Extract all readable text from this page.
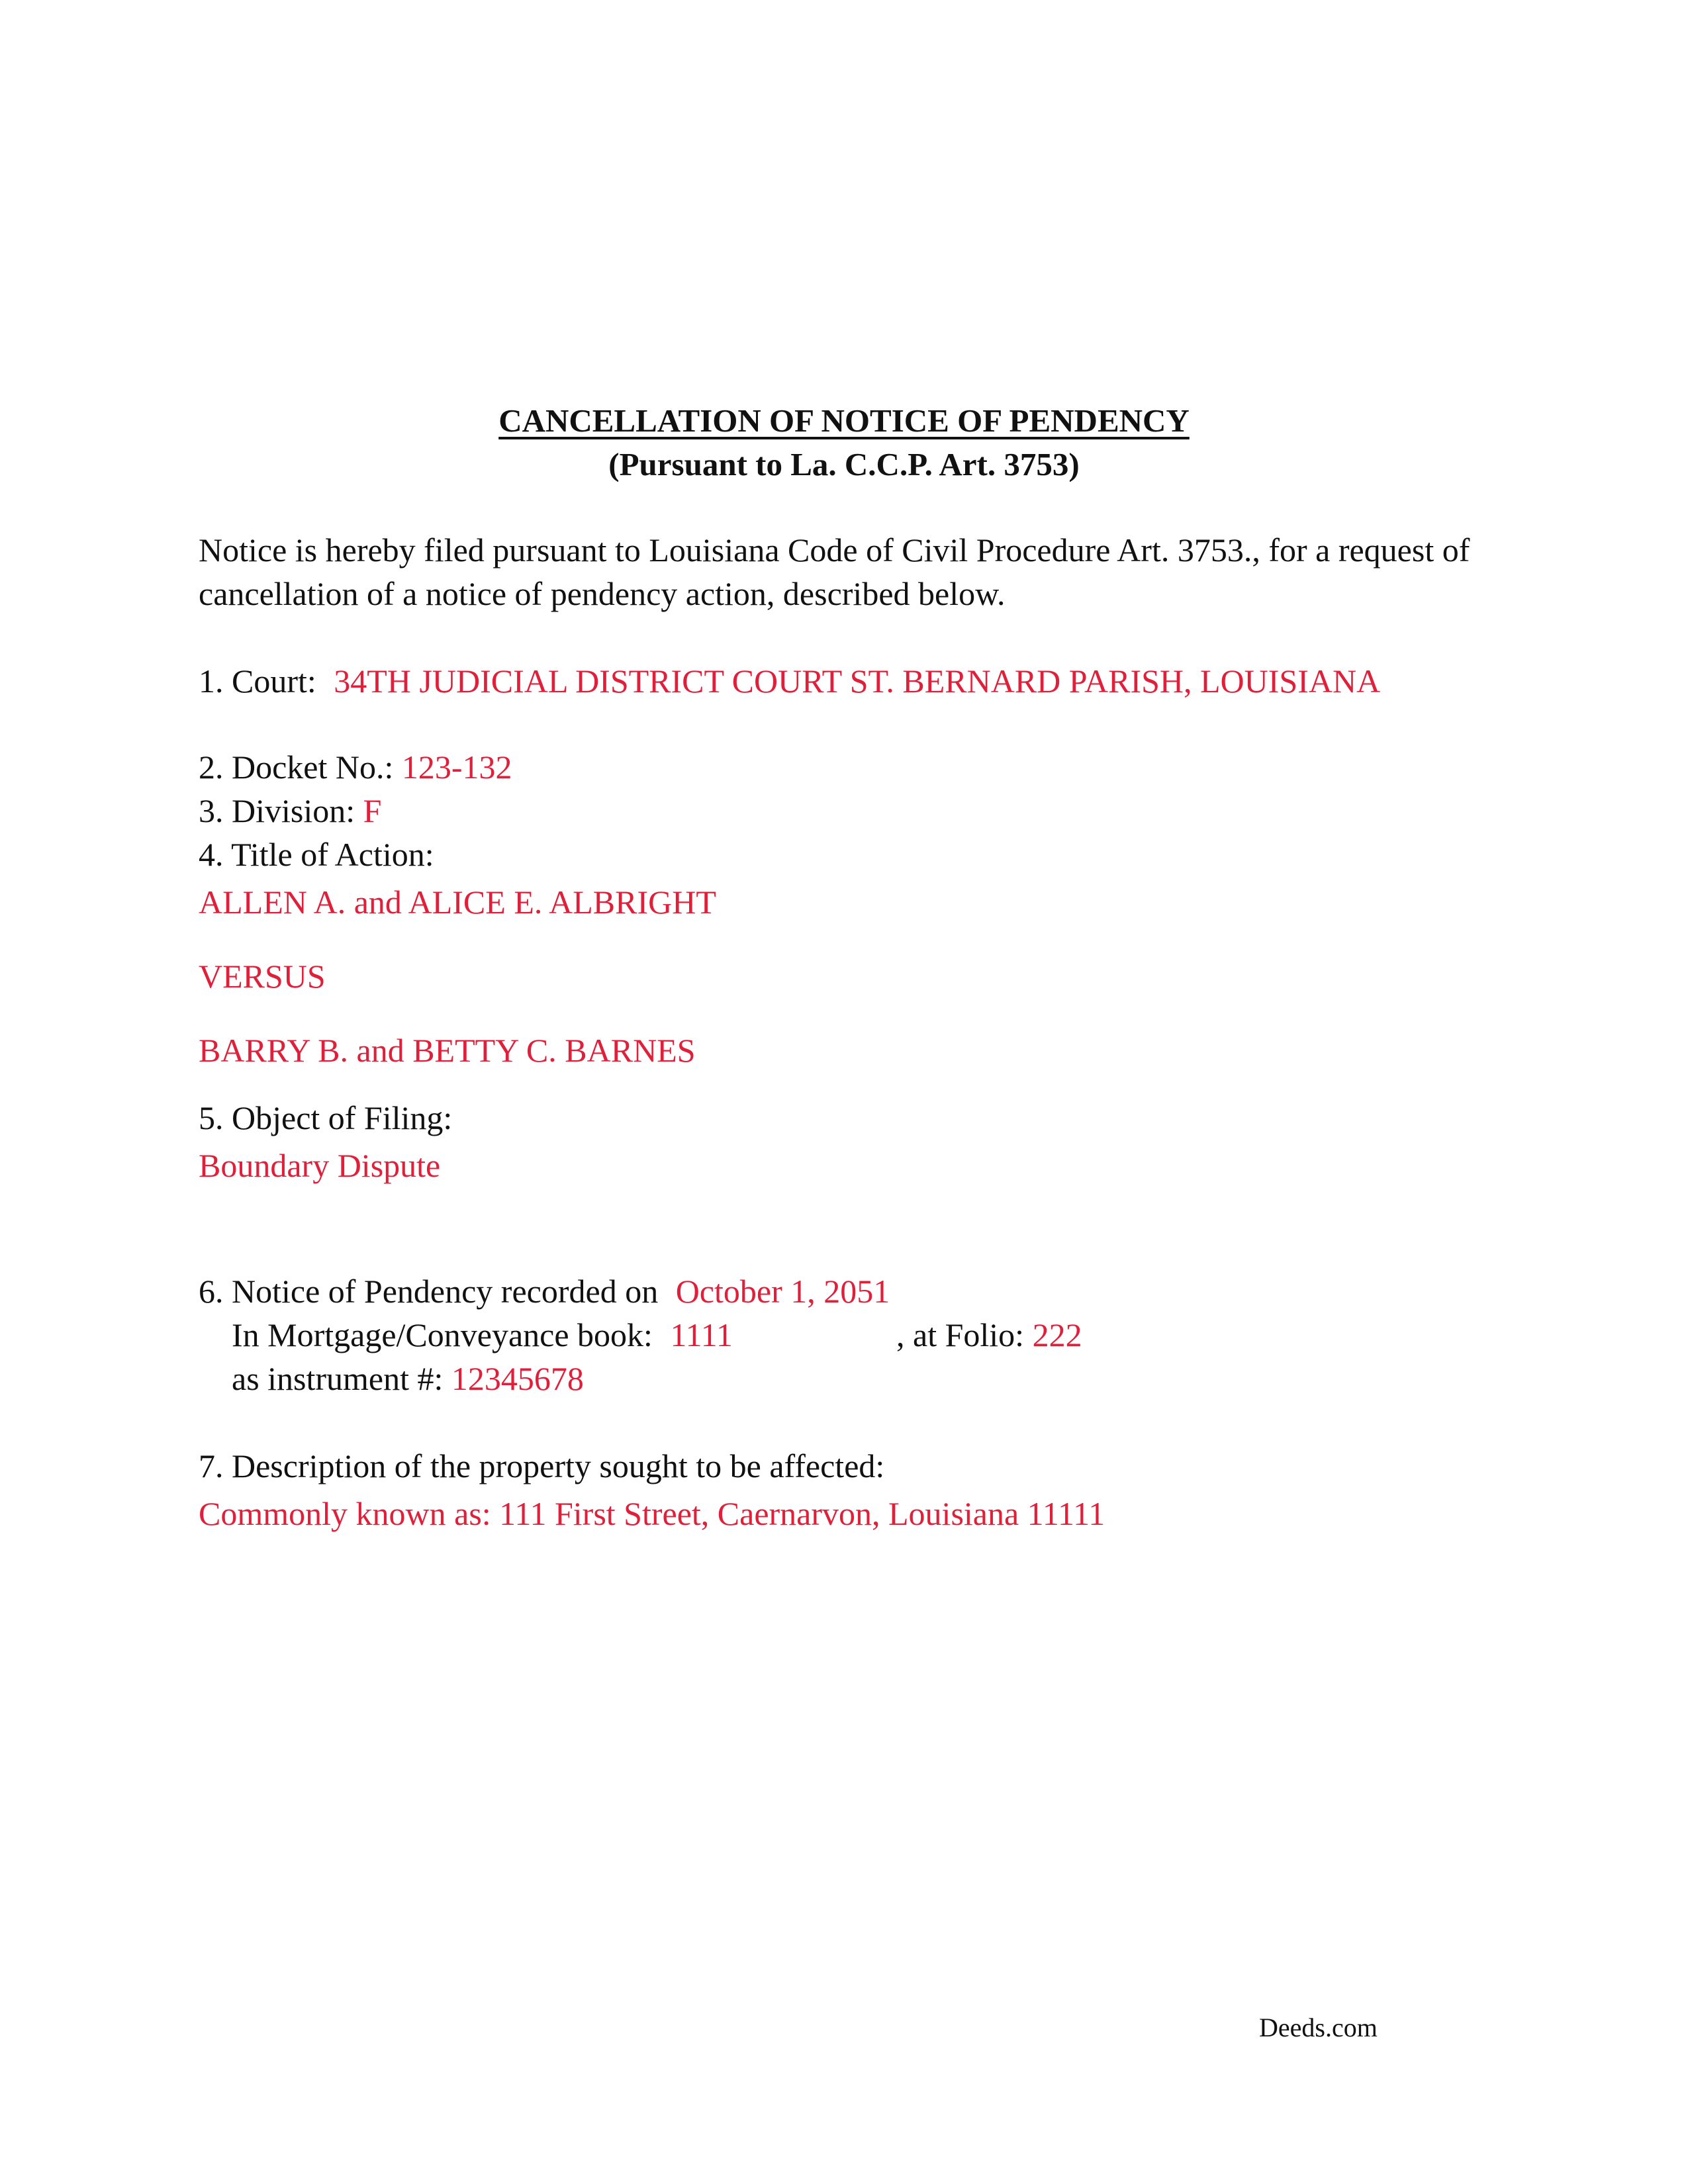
CANCELLATION OF NOTICE OF PENDENCY
(Pursuant to La. C.C.P. Art. 3753)
Notice is hereby filed pursuant to Louisiana Code of Civil Procedure Art. 3753., for a request of
cancellation of a notice of pendency action, described below.
1. Court: 34TH JUDICIAL DISTRICT COURT ST. BERNARD PARISH, LOUISIANA
2. Docket No.: 123-132
3. Division: F
4. Title of Action:
ALLEN A. and ALICE E. ALBRIGHT
VERSUS
BARRY B. and BETTY C. BARNES
5. Object of Filing:
Boundary Dispute
6. Notice of Pendency recorded on October 1, 2051
In Mortgage/Conveyance book: 1111	, at Folio: 222
as instrument #: 12345678
7. Description of the property sought to be affected:
Commonly known as: 111 First Street, Caernarvon, Louisiana 11111
Deeds.com
